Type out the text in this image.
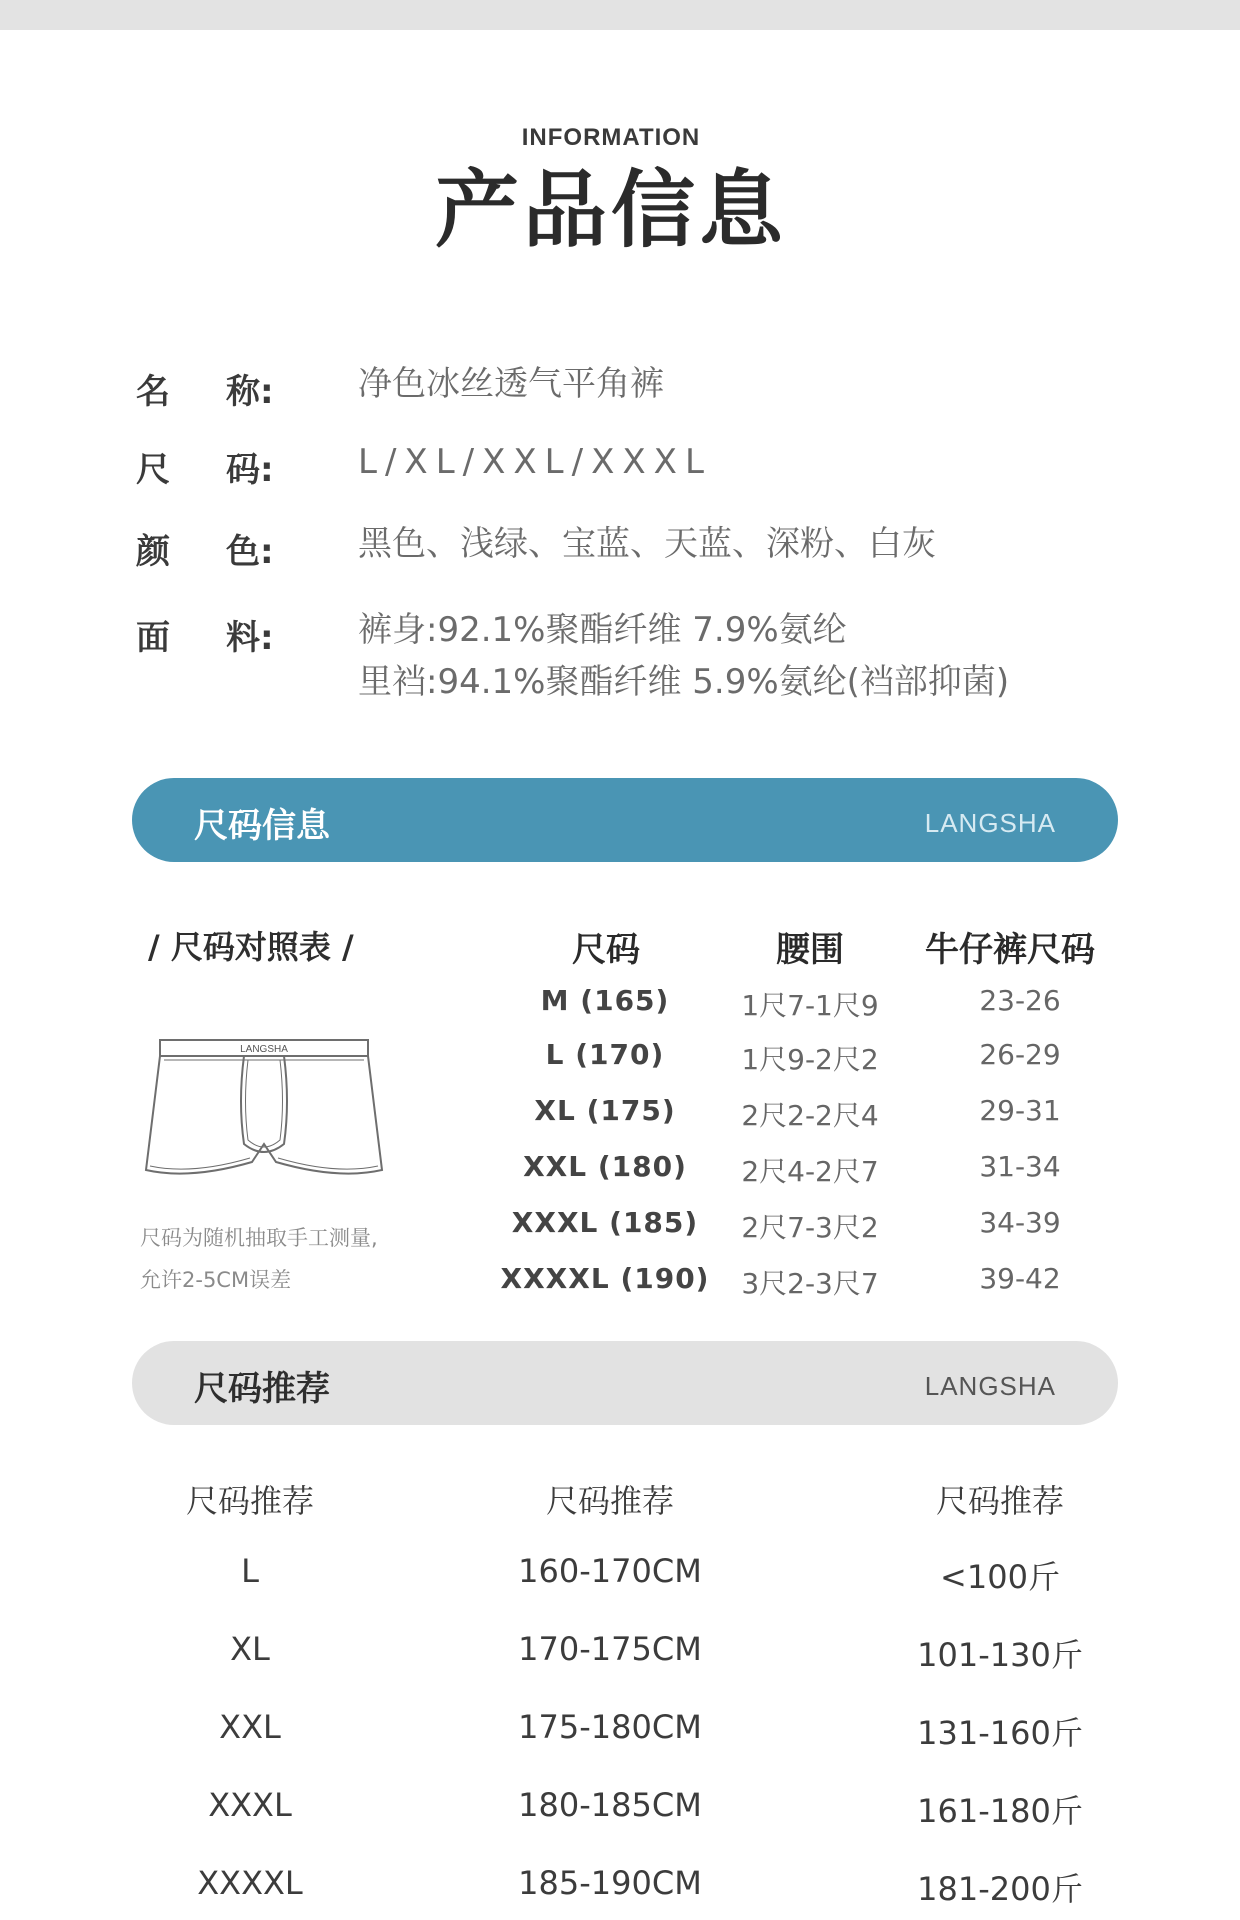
INFORMATION
产品信息
名 称: 净色冰丝透气平角裤
尺 码: L/XL/XXL/XXXL
颜 色: 黑色、浅绿、宝蓝、天蓝、深粉、白灰
面 料: 裤身:92.1%聚酯纤维 7.9%氨纶
里裆:94.1%聚酯纤维 5.9%氨纶(裆部抑菌)
尺码信息	LANGSHA
/ 尺码对照表 /
LANGSHA
尺码为随机抽取手工测量,
允许2-5CM误差
尺码	腰围	牛仔裤尺码
M (165)	1尺7-1尺9	23-26
L (170)	1尺9-2尺2	26-29
XL (175)	2尺2-2尺4	29-31
XXL (180)	2尺4-2尺7	31-34
XXXL (185)	2尺7-3尺2	34-39
XXXXL (190)	3尺2-3尺7	39-42
尺码推荐	LANGSHA
尺码推荐	尺码推荐	尺码推荐
L	160-170CM	<100斤
XL	170-175CM	101-130斤
XXL	175-180CM	131-160斤
XXXL	180-185CM	161-180斤
XXXXL	185-190CM	181-200斤
